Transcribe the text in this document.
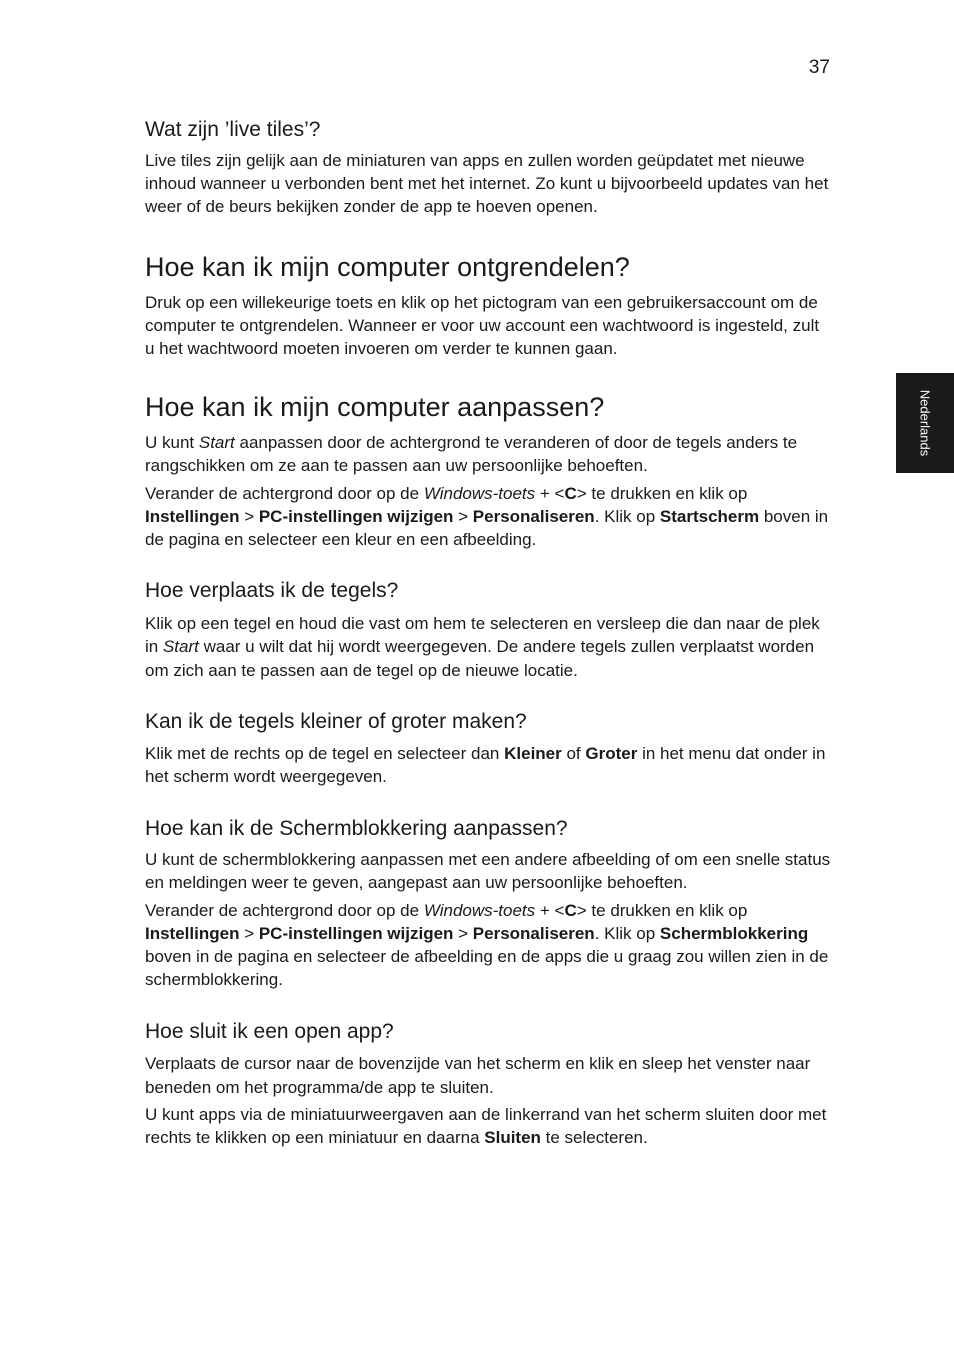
37
Nederlands
Wat zijn ’live tiles’?

Live tiles zijn gelijk aan de miniaturen van apps en zullen worden geüpdatet met nieuwe inhoud wanneer u verbonden bent met het internet. Zo kunt u bijvoorbeeld updates van het weer of de beurs bekijken zonder de app te hoeven openen.

Hoe kan ik mijn computer ontgrendelen?

Druk op een willekeurige toets en klik op het pictogram van een gebruikersaccount om de computer te ontgrendelen. Wanneer er voor uw account een wachtwoord is ingesteld, zult u het wachtwoord moeten invoeren om verder te kunnen gaan.

Hoe kan ik mijn computer aanpassen?

U kunt Start aanpassen door de achtergrond te veranderen of door de tegels anders te rangschikken om ze aan te passen aan uw persoonlijke behoeften.

Verander de achtergrond door op de Windows-toets + <C> te drukken en klik op Instellingen > PC-instellingen wijzigen > Personaliseren. Klik op Startscherm boven in de pagina en selecteer een kleur en een afbeelding.

Hoe verplaats ik de tegels?

Klik op een tegel en houd die vast om hem te selecteren en versleep die dan naar de plek in Start waar u wilt dat hij wordt weergegeven. De andere tegels zullen verplaatst worden om zich aan te passen aan de tegel op de nieuwe locatie.

Kan ik de tegels kleiner of groter maken?

Klik met de rechts op de tegel en selecteer dan Kleiner of Groter in het menu dat onder in het scherm wordt weergegeven.

Hoe kan ik de Schermblokkering aanpassen?

U kunt de schermblokkering aanpassen met een andere afbeelding of om een snelle status en meldingen weer te geven, aangepast aan uw persoonlijke behoeften.

Verander de achtergrond door op de Windows-toets + <C> te drukken en klik op Instellingen > PC-instellingen wijzigen > Personaliseren. Klik op Schermblokkering boven in de pagina en selecteer de afbeelding en de apps die u graag zou willen zien in de schermblokkering.

Hoe sluit ik een open app?

Verplaats de cursor naar de bovenzijde van het scherm en klik en sleep het venster naar beneden om het programma/de app te sluiten.

U kunt apps via de miniatuurweergaven aan de linkerrand van het scherm sluiten door met rechts te klikken op een miniatuur en daarna Sluiten te selecteren.
